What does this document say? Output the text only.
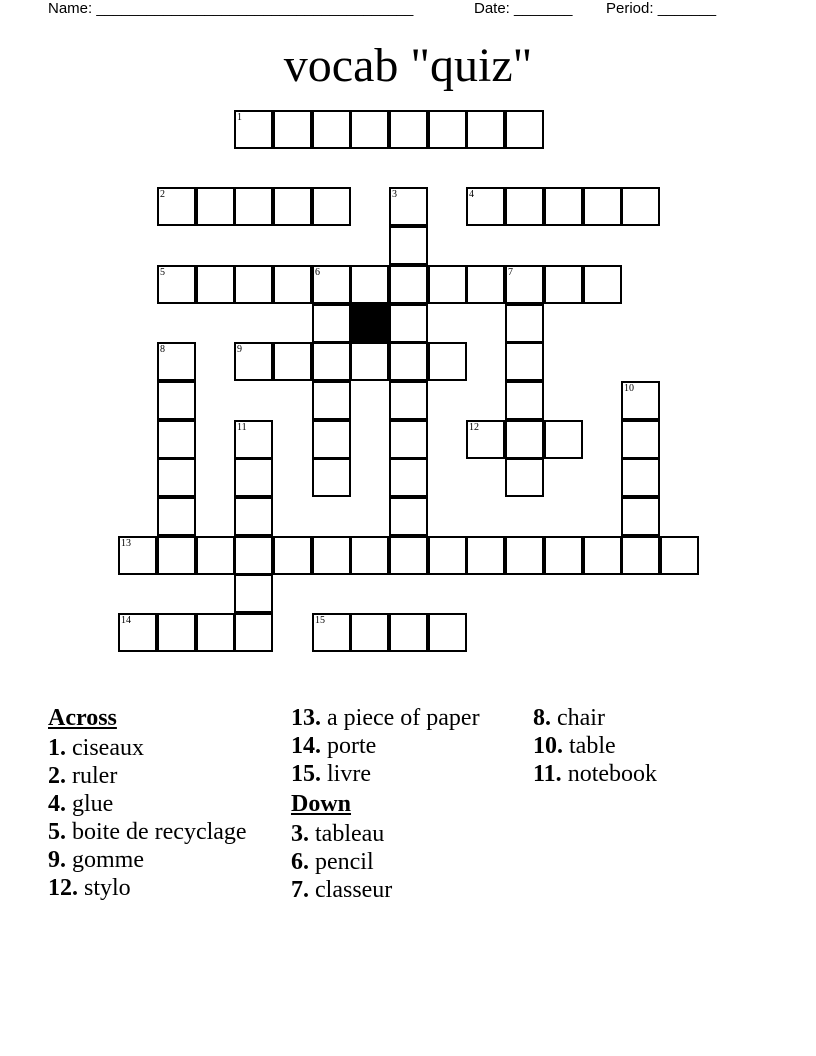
Name: ______________________________________	Date: _______ Period: _______
vocab "quiz"
1
2	3	4
5	6	7
8	9
10
11	12
13
14	15
Across
1. ciseaux
2. ruler
4. glue
5. boite de recyclage
9. gomme
12. stylo
13. a piece of paper
14. porte
15. livre
Down
3. tableau
6. pencil
7. classeur
8. chair
10. table
11. notebook
